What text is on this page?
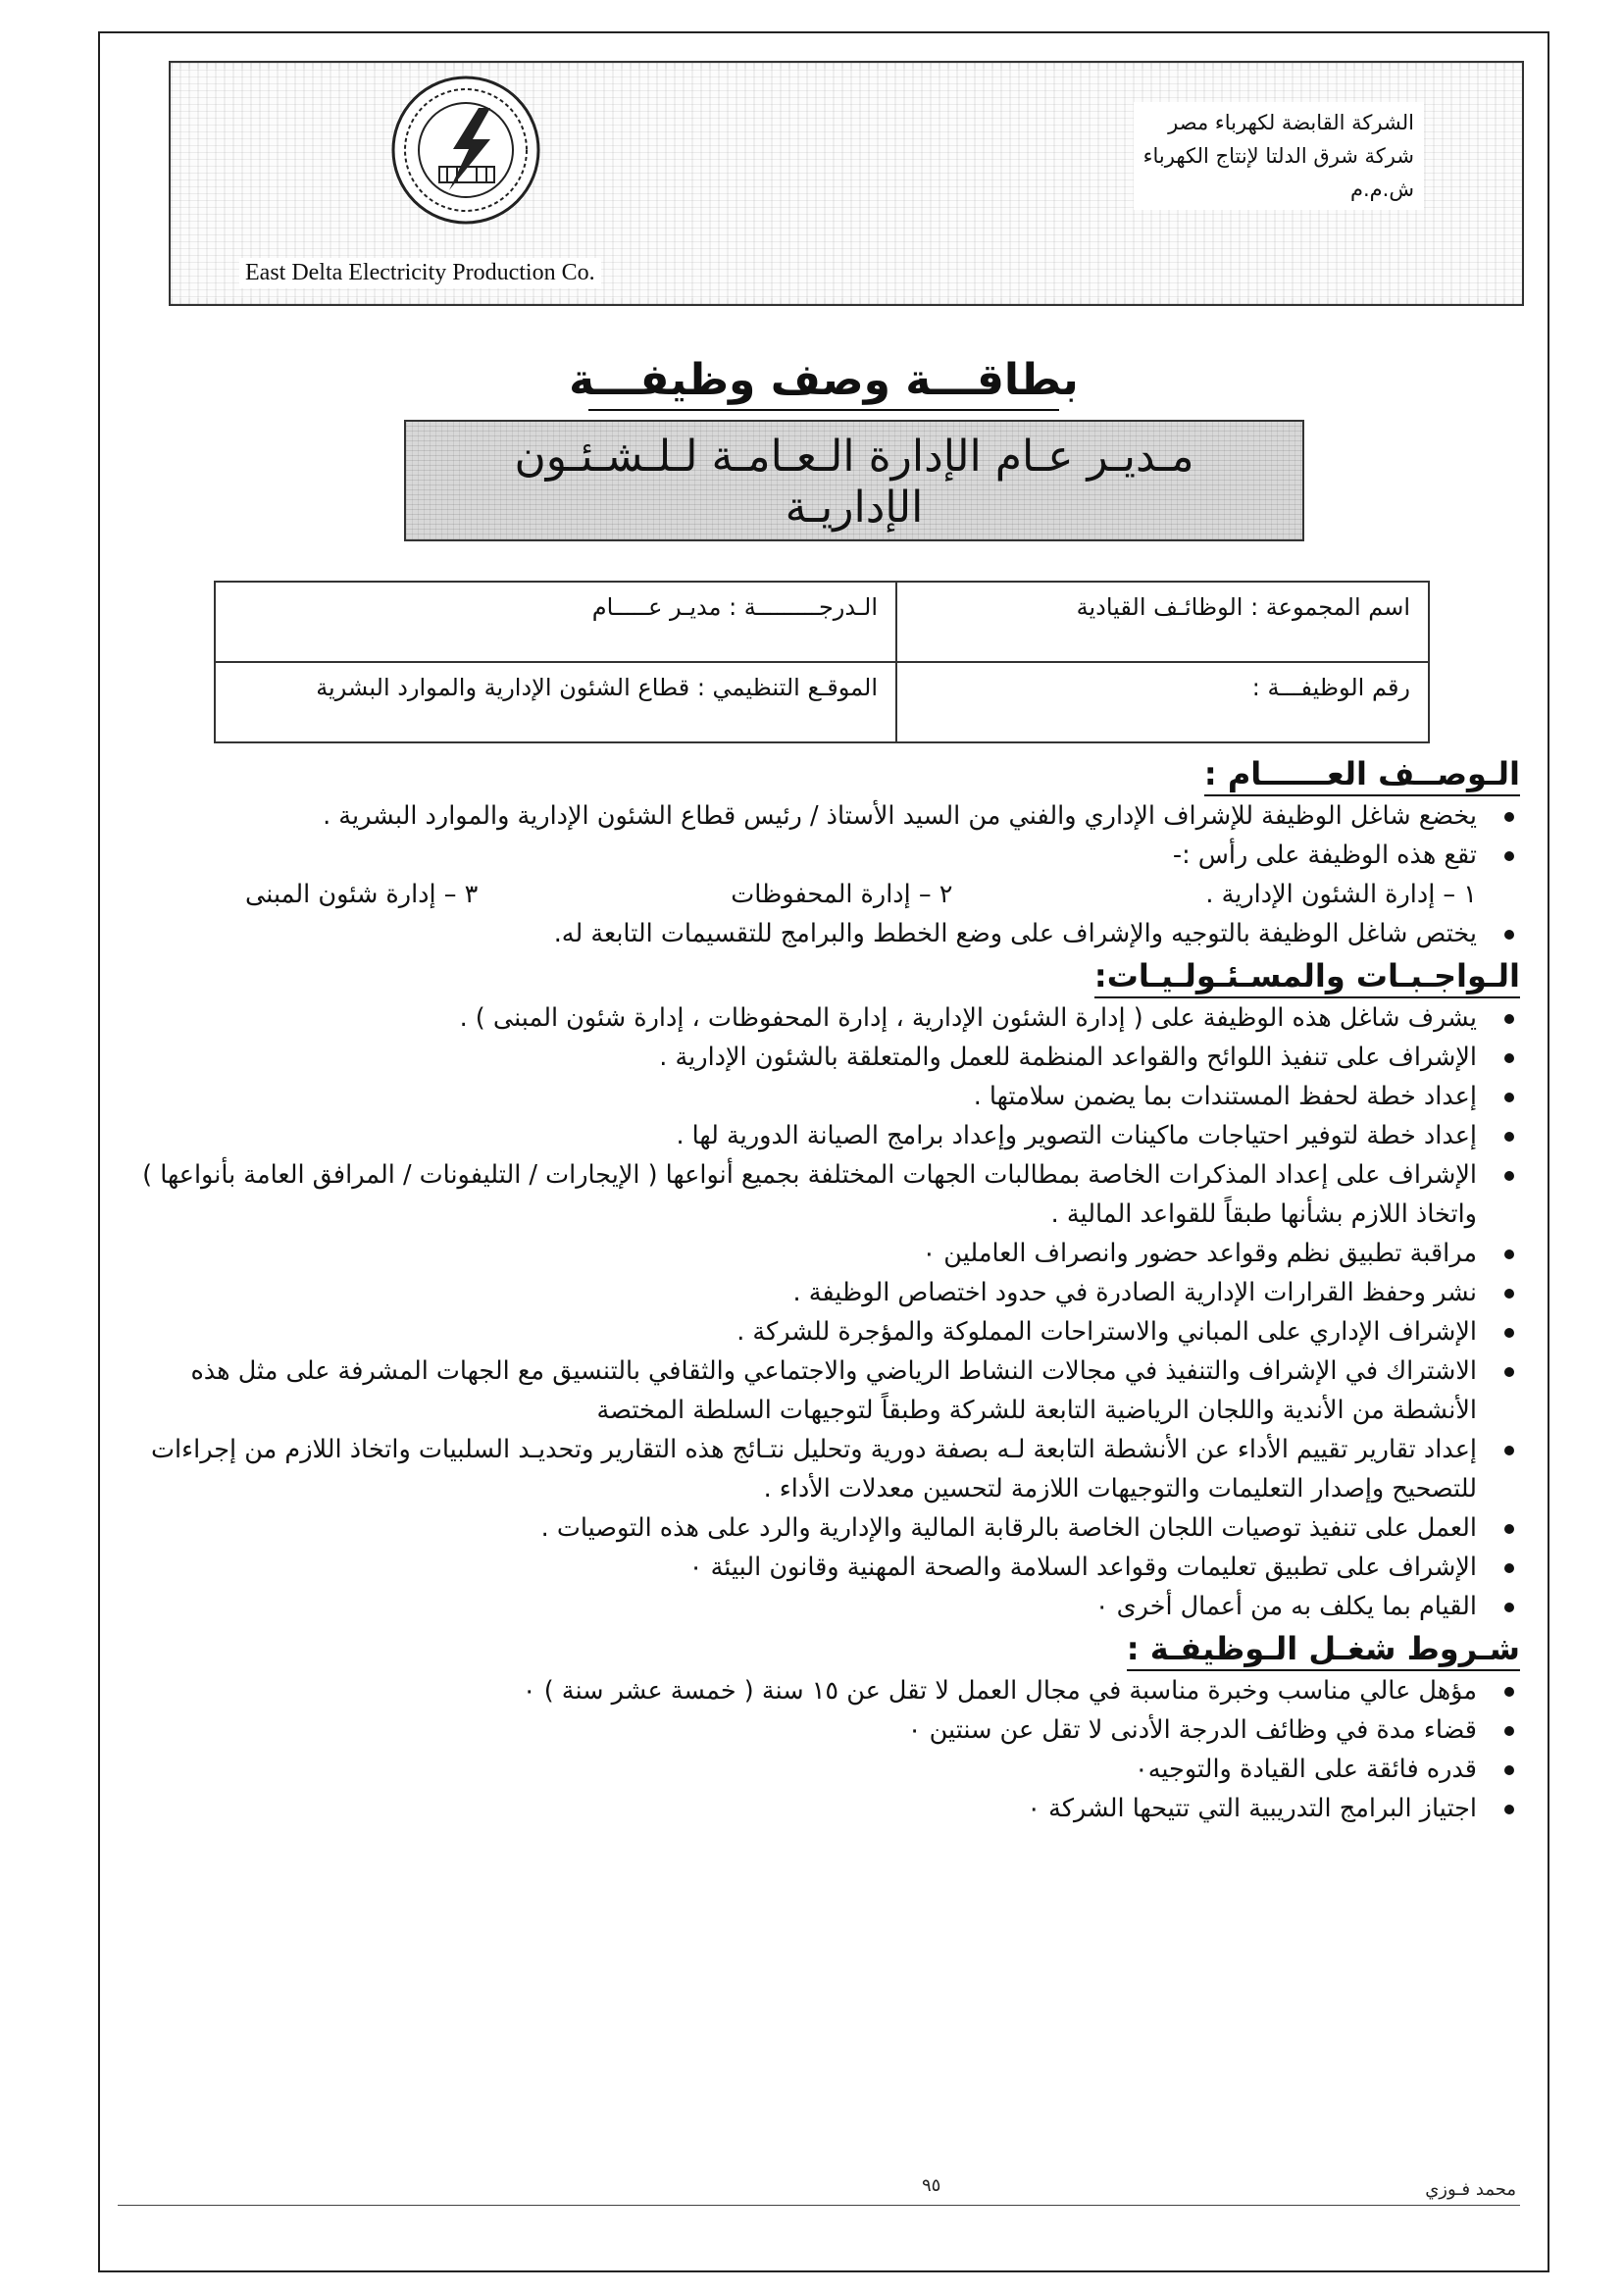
الشركة القابضة لكهرباء مصر
شركة شرق الدلتا لإنتاج الكهرباء
ش.م.م
East Delta Electricity Production Co.
بطاقـــة وصف وظيفـــة
مـديـر عـام الإدارة الـعـامـة لـلـشـئـون
الإداريـة
اسم المجموعة : الوظائـف القيادية	الـدرجـــــــــة : مديـر عـــــام
رقم الوظيفـــة :	الموقـع التنظيمي : قطاع الشئون الإدارية والموارد البشرية
الـوصــف العــــــام :
يخضع شاغل الوظيفة للإشراف الإداري والفني من السيد الأستاذ / رئيس قطاع الشئون الإدارية والموارد البشرية .
تقع هذه الوظيفة على رأس :-
١ – إدارة الشئون الإدارية .
٢ – إدارة المحفوظات
٣ – إدارة شئون المبنى
يختص شاغل الوظيفة بالتوجيه والإشراف على وضع الخطط والبرامج للتقسيمات التابعة له.
الـواجـبـات والمسـئـولـيـات:
يشرف شاغل هذه الوظيفة على ( إدارة الشئون الإدارية ، إدارة المحفوظات ، إدارة شئون المبنى ) .
الإشراف على تنفيذ اللوائح والقواعد المنظمة للعمل والمتعلقة بالشئون الإدارية .
إعداد خطة لحفظ المستندات بما يضمن سلامتها .
إعداد خطة لتوفير احتياجات ماكينات التصوير وإعداد برامج الصيانة الدورية لها .
الإشراف على إعداد المذكرات الخاصة بمطالبات الجهات المختلفة بجميع أنواعها ( الإيجارات / التليفونات / المرافق العامة بأنواعها ) واتخاذ اللازم بشأنها طبقاً للقواعد المالية .
مراقبة تطبيق نظم وقواعد حضور وانصراف العاملين ٠
نشر وحفظ القرارات الإدارية الصادرة في حدود اختصاص الوظيفة .
الإشراف الإداري على المباني والاستراحات المملوكة والمؤجرة للشركة .
الاشتراك في الإشراف والتنفيذ في مجالات النشاط الرياضي والاجتماعي والثقافي بالتنسيق مع الجهات المشرفة على مثل هذه الأنشطة من الأندية واللجان الرياضية التابعة للشركة وطبقاً لتوجيهات السلطة المختصة
إعداد تقارير تقييم الأداء عن الأنشطة التابعة لـه بصفة دورية وتحليل نتـائج هذه التقارير وتحديـد السلبيات واتخاذ اللازم من إجراءات للتصحيح وإصدار التعليمات والتوجيهات اللازمة لتحسين معدلات الأداء .
العمل على تنفيذ توصيات اللجان الخاصة بالرقابة المالية والإدارية والرد على هذه التوصيات .
الإشراف على تطبيق تعليمات وقواعد السلامة والصحة المهنية وقانون البيئة ٠
القيام بما يكلف به من أعمال أخرى ٠
شـروط شغـل الـوظيفـة :
مؤهل عالي مناسب وخبرة مناسبة في مجال العمل لا تقل عن ١٥ سنة ( خمسة عشر سنة ) ٠
قضاء مدة في وظائف الدرجة الأدنى لا تقل عن سنتين ٠
قدره فائقة على القيادة والتوجيه٠
اجتياز البرامج التدريبية التي تتيحها الشركة ٠
٩٥	محمد فـوزي
